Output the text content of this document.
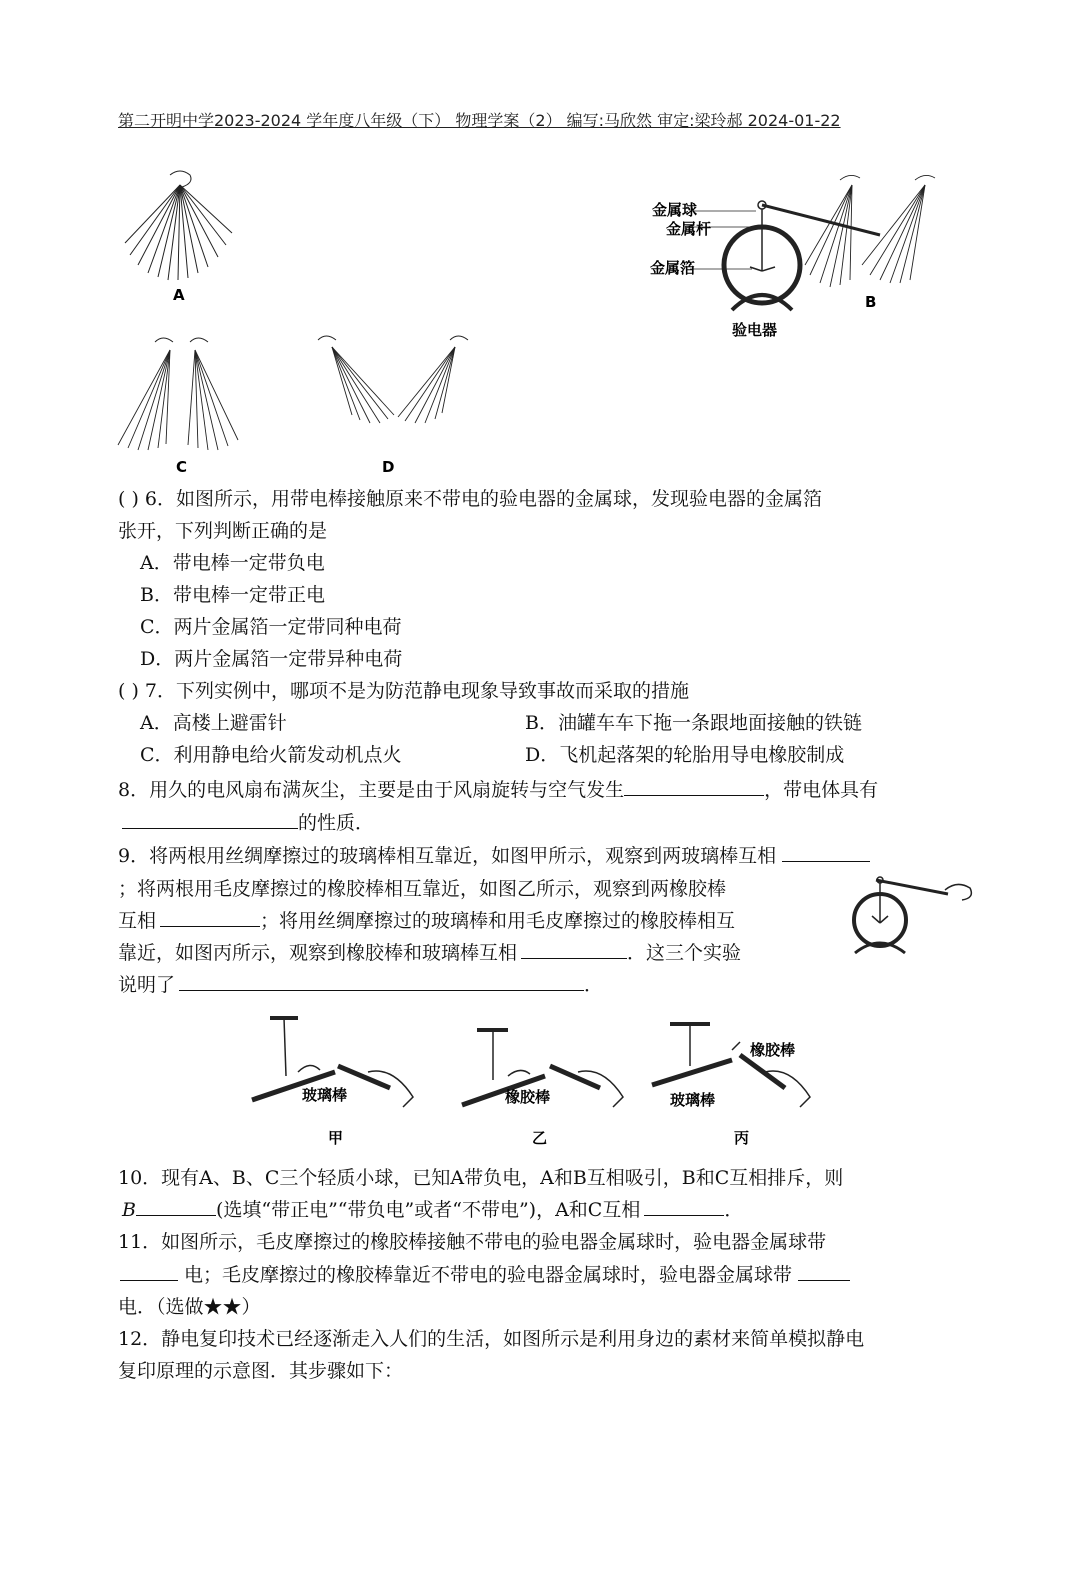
第二开明中学2023-2024 学年度八年级（下） 物理学案（2） 编写:马欣然 审定:梁玲郝 2024-01-22
A
金属球
金属杆
金属箔
验电器
B
C	D
( ) 6．如图所示，用带电棒接触原来不带电的验电器的金属球，发现验电器的金属箔
张开，下列判断正确的是
A．带电棒一定带负电
B．带电棒一定带正电
C．两片金属箔一定带同种电荷
D．两片金属箔一定带异种电荷
( ) 7．下列实例中，哪项不是为防范静电现象导致事故而采取的措施
A．高楼上避雷针	B．油罐车车下拖一条跟地面接触的铁链
C．利用静电给火箭发动机点火	D．飞机起落架的轮胎用导电橡胶制成
8．用久的电风扇布满灰尘，主要是由于风扇旋转与空气发生	，带电体具有
的性质．
9．将两根用丝绸摩擦过的玻璃棒相互靠近，如图甲所示，观察到两玻璃棒互相
；将两根用毛皮摩擦过的橡胶棒相互靠近，如图乙所示，观察到两橡胶棒
互相	；将用丝绸摩擦过的玻璃棒和用毛皮摩擦过的橡胶棒相互
靠近，如图丙所示，观察到橡胶棒和玻璃棒互相	．这三个实验
说明了	．
玻璃棒	橡胶棒	玻璃棒
橡胶棒
甲	乙	丙
10．现有A、B、C三个轻质小球，已知A带负电，A和B互相吸引，B和C互相排斥，则
B	(选填“带正电”“带负电”或者“不带电”)，A和C互相	．
11．如图所示，毛皮摩擦过的橡胶棒接触不带电的验电器金属球时，验电器金属球带
电；毛皮摩擦过的橡胶棒靠近不带电的验电器金属球时，验电器金属球带
电．（选做★★）
12．静电复印技术已经逐渐走入人们的生活，如图所示是利用身边的素材来简单模拟静电
复印原理的示意图．其步骤如下：
